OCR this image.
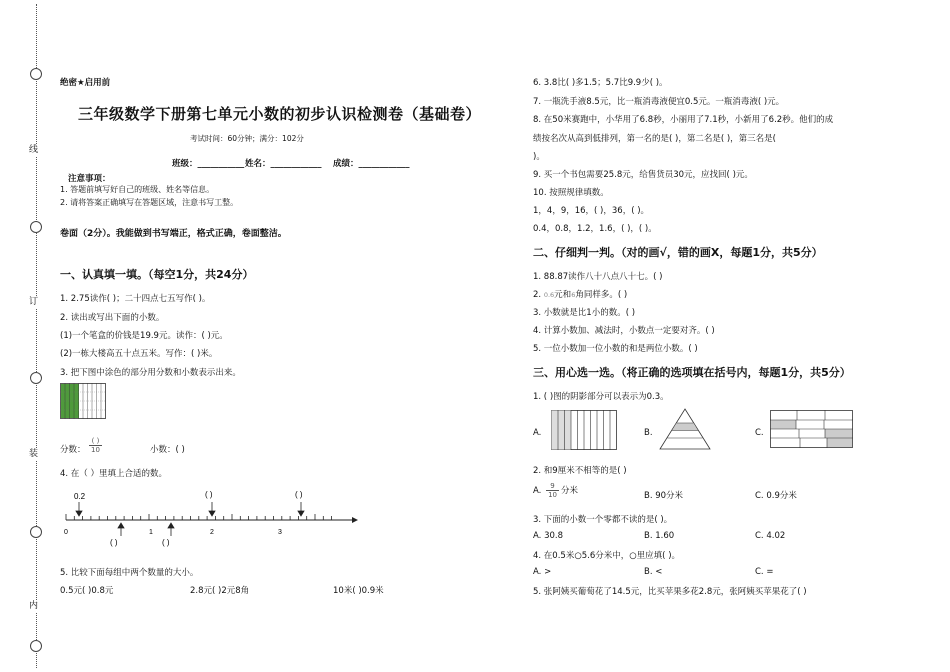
线
订
装
内
绝密★启用前
三年级数学下册第七单元小数的初步认识检测卷（基础卷）
考试时间：60分钟；满分：102分
班级：___________ 姓名：____________ 成绩：____________
注意事项：
1. 答题前填写好自己的班级、姓名等信息。
2. 请将答案正确填写在答题区域，注意书写工整。
卷面（2分）。我能做到书写端正，格式正确，卷面整洁。
一、认真填一填。（每空1分，共24分）
1. 2.75读作( )；二十四点七五写作( )。
2. 读出或写出下面的小数。
(1)一个笔盒的价钱是19.9元。读作：( )元。
(2)一栋大楼高五十点五米。写作：( )米。
3. 把下图中涂色的部分用分数和小数表示出来。
分数： $\frac{( )}{10}$	小数：( )
4. 在（ ）里填上合适的数。
0.2
0	1	2	3
( )	( )
( )	( )
5. 比较下面每组中两个数量的大小。
0.5元( )0.8元	2.8元( )2元8角	10米( )0.9米
6. 3.8比( )多1.5；5.7比9.9少( )。
7. 一瓶洗手液8.5元，比一瓶消毒液便宜0.5元。一瓶消毒液( )元。
8. 在50米赛跑中，小华用了6.8秒，小丽用了7.1秒，小新用了6.2秒。他们的成
绩按名次从高到低排列，第一名的是( )，第二名是( )，第三名是(
)。
9. 买一个书包需要25.8元，给售货员30元，应找回( )元。
10. 按照规律填数。
1，4，9，16，( )，36，( )。
0.4，0.8，1.2，1.6，( )，( )。
二、仔细判一判。（对的画√，错的画X，每题1分，共5分）
1. 88.87读作八十八点八十七。( )
2. 0.6元和6角同样多。( )
3. 小数就是比1小的数。( )
4. 计算小数加、减法时，小数点一定要对齐。( )
5. 一位小数加一位小数的和是两位小数。( )
三、用心选一选。（将正确的选项填在括号内，每题1分，共5分）
1. ( )图的阴影部分可以表示为0.3。
A.	B.	C.
2. 和9厘米不相等的是( )
A. $\frac{9}{10}$ 分米	B. 90分米	C. 0.9分米
3. 下面的小数一个零都不读的是( )。
A. 30.8	B. 1.60	C. 4.02
4. 在0.5米○5.6分米中，○里应填( )。
A. >	B. <	C. =
5. 张阿姨买葡萄花了14.5元，比买苹果多花2.8元，张阿姨买苹果花了( )
